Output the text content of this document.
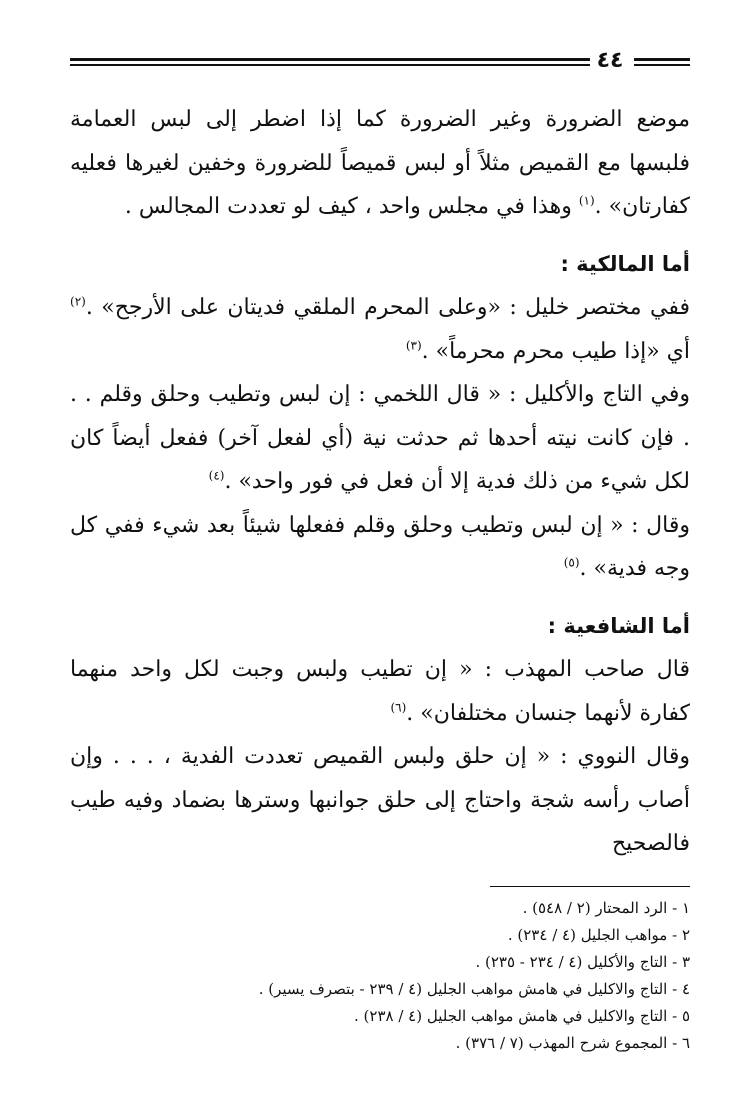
٤٤

موضع الضرورة وغير الضرورة كما إذا اضطر إلى لبس العمامة فلبسها مع القميص مثلاً أو لبس قميصاً للضرورة وخفين لغيرها فعليه كفارتان» .$^{(١)}$ وهذا في مجلس واحد ، كيف لو تعددت المجالس .

أما المالكية :

ففي مختصر خليل : «وعلى المحرم الملقي فديتان على الأرجح» .$^{(٢)}$ أي «إذا طيب محرم محرماً» .$^{(٣)}$

وفي التاج والأكليل : « قال اللخمي : إن لبس وتطيب وحلق وقلم . . . فإن كانت نيته أحدها ثم حدثت نية (أي لفعل آخر) ففعل أيضاً كان لكل شيء من ذلك فدية إلا أن فعل في فور واحد» .$^{(٤)}$

وقال : « إن لبس وتطيب وحلق وقلم ففعلها شيئاً بعد شيء ففي كل وجه فدية» .$^{(٥)}$

أما الشافعية :

قال صاحب المهذب : « إن تطيب ولبس وجبت لكل واحد منهما كفارة لأنهما جنسان مختلفان» .$^{(٦)}$

وقال النووي : « إن حلق ولبس القميص تعددت الفدية ، . . . وإن أصاب رأسه شجة واحتاج إلى حلق جوانبها وسترها بضماد وفيه طيب فالصحيح

١ - الرد المحتار (٢ / ٥٤٨) .
٢ - مواهب الجليل (٤ / ٢٣٤) .
٣ - التاج والأكليل (٤ / ٢٣٤ - ٢٣٥) .
٤ - التاج والاكليل في هامش مواهب الجليل (٤ / ٢٣٩ - بتصرف يسير) .
٥ - التاج والاكليل في هامش مواهب الجليل (٤ / ٢٣٨) .
٦ - المجموع شرح المهذب (٧ / ٣٧٦) .
